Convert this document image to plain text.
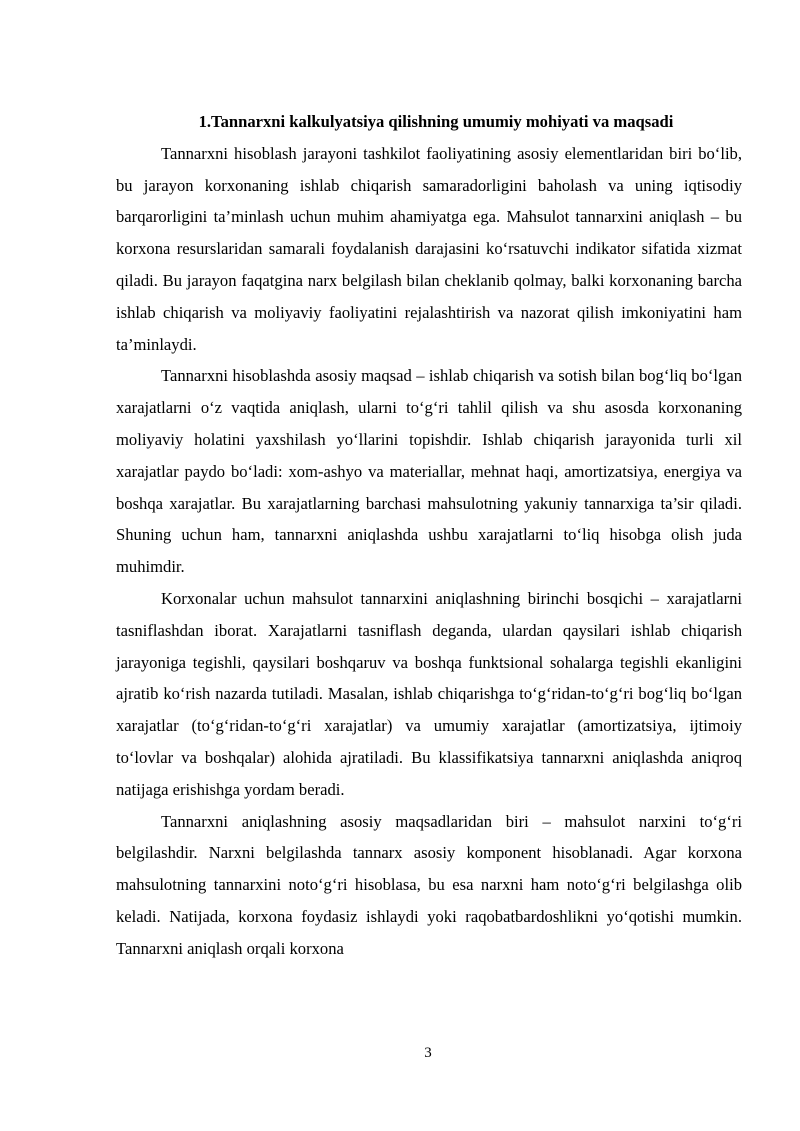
1.Tannarxni kalkulyatsiya qilishning umumiy mohiyati va maqsadi

Tannarxni hisoblash jarayoni tashkilot faoliyatining asosiy elementlaridan biri bo‘lib, bu jarayon korxonaning ishlab chiqarish samaradorligini baholash va uning iqtisodiy barqarorligini ta’minlash uchun muhim ahamiyatga ega. Mahsulot tannarxini aniqlash – bu korxona resurslaridan samarali foydalanish darajasini ko‘rsatuvchi indikator sifatida xizmat qiladi. Bu jarayon faqatgina narx belgilash bilan cheklanib qolmay, balki korxonaning barcha ishlab chiqarish va moliyaviy faoliyatini rejalashtirish va nazorat qilish imkoniyatini ham ta’minlaydi.

Tannarxni hisoblashda asosiy maqsad – ishlab chiqarish va sotish bilan bog‘liq bo‘lgan xarajatlarni o‘z vaqtida aniqlash, ularni to‘g‘ri tahlil qilish va shu asosda korxonaning moliyaviy holatini yaxshilash yo‘llarini topishdir. Ishlab chiqarish jarayonida turli xil xarajatlar paydo bo‘ladi: xom-ashyo va materiallar, mehnat haqi, amortizatsiya, energiya va boshqa xarajatlar. Bu xarajatlarning barchasi mahsulotning yakuniy tannarxiga ta’sir qiladi. Shuning uchun ham, tannarxni aniqlashda ushbu xarajatlarni to‘liq hisobga olish juda muhimdir.

Korxonalar uchun mahsulot tannarxini aniqlashning birinchi bosqichi – xarajatlarni tasniflashdan iborat. Xarajatlarni tasniflash deganda, ulardan qaysilari ishlab chiqarish jarayoniga tegishli, qaysilari boshqaruv va boshqa funktsional sohalarga tegishli ekanligini ajratib ko‘rish nazarda tutiladi. Masalan, ishlab chiqarishga to‘g‘ridan-to‘g‘ri bog‘liq bo‘lgan xarajatlar (to‘g‘ridan-to‘g‘ri xarajatlar) va umumiy xarajatlar (amortizatsiya, ijtimoiy to‘lovlar va boshqalar) alohida ajratiladi. Bu klassifikatsiya tannarxni aniqlashda aniqroq natijaga erishishga yordam beradi.

Tannarxni aniqlashning asosiy maqsadlaridan biri – mahsulot narxini to‘g‘ri belgilashdir. Narxni belgilashda tannarx asosiy komponent hisoblanadi. Agar korxona mahsulotning tannarxini noto‘g‘ri hisoblasa, bu esa narxni ham noto‘g‘ri belgilashga olib keladi. Natijada, korxona foydasiz ishlaydi yoki raqobatbardoshlikni yo‘qotishi mumkin. Tannarxni aniqlash orqali korxona

3
